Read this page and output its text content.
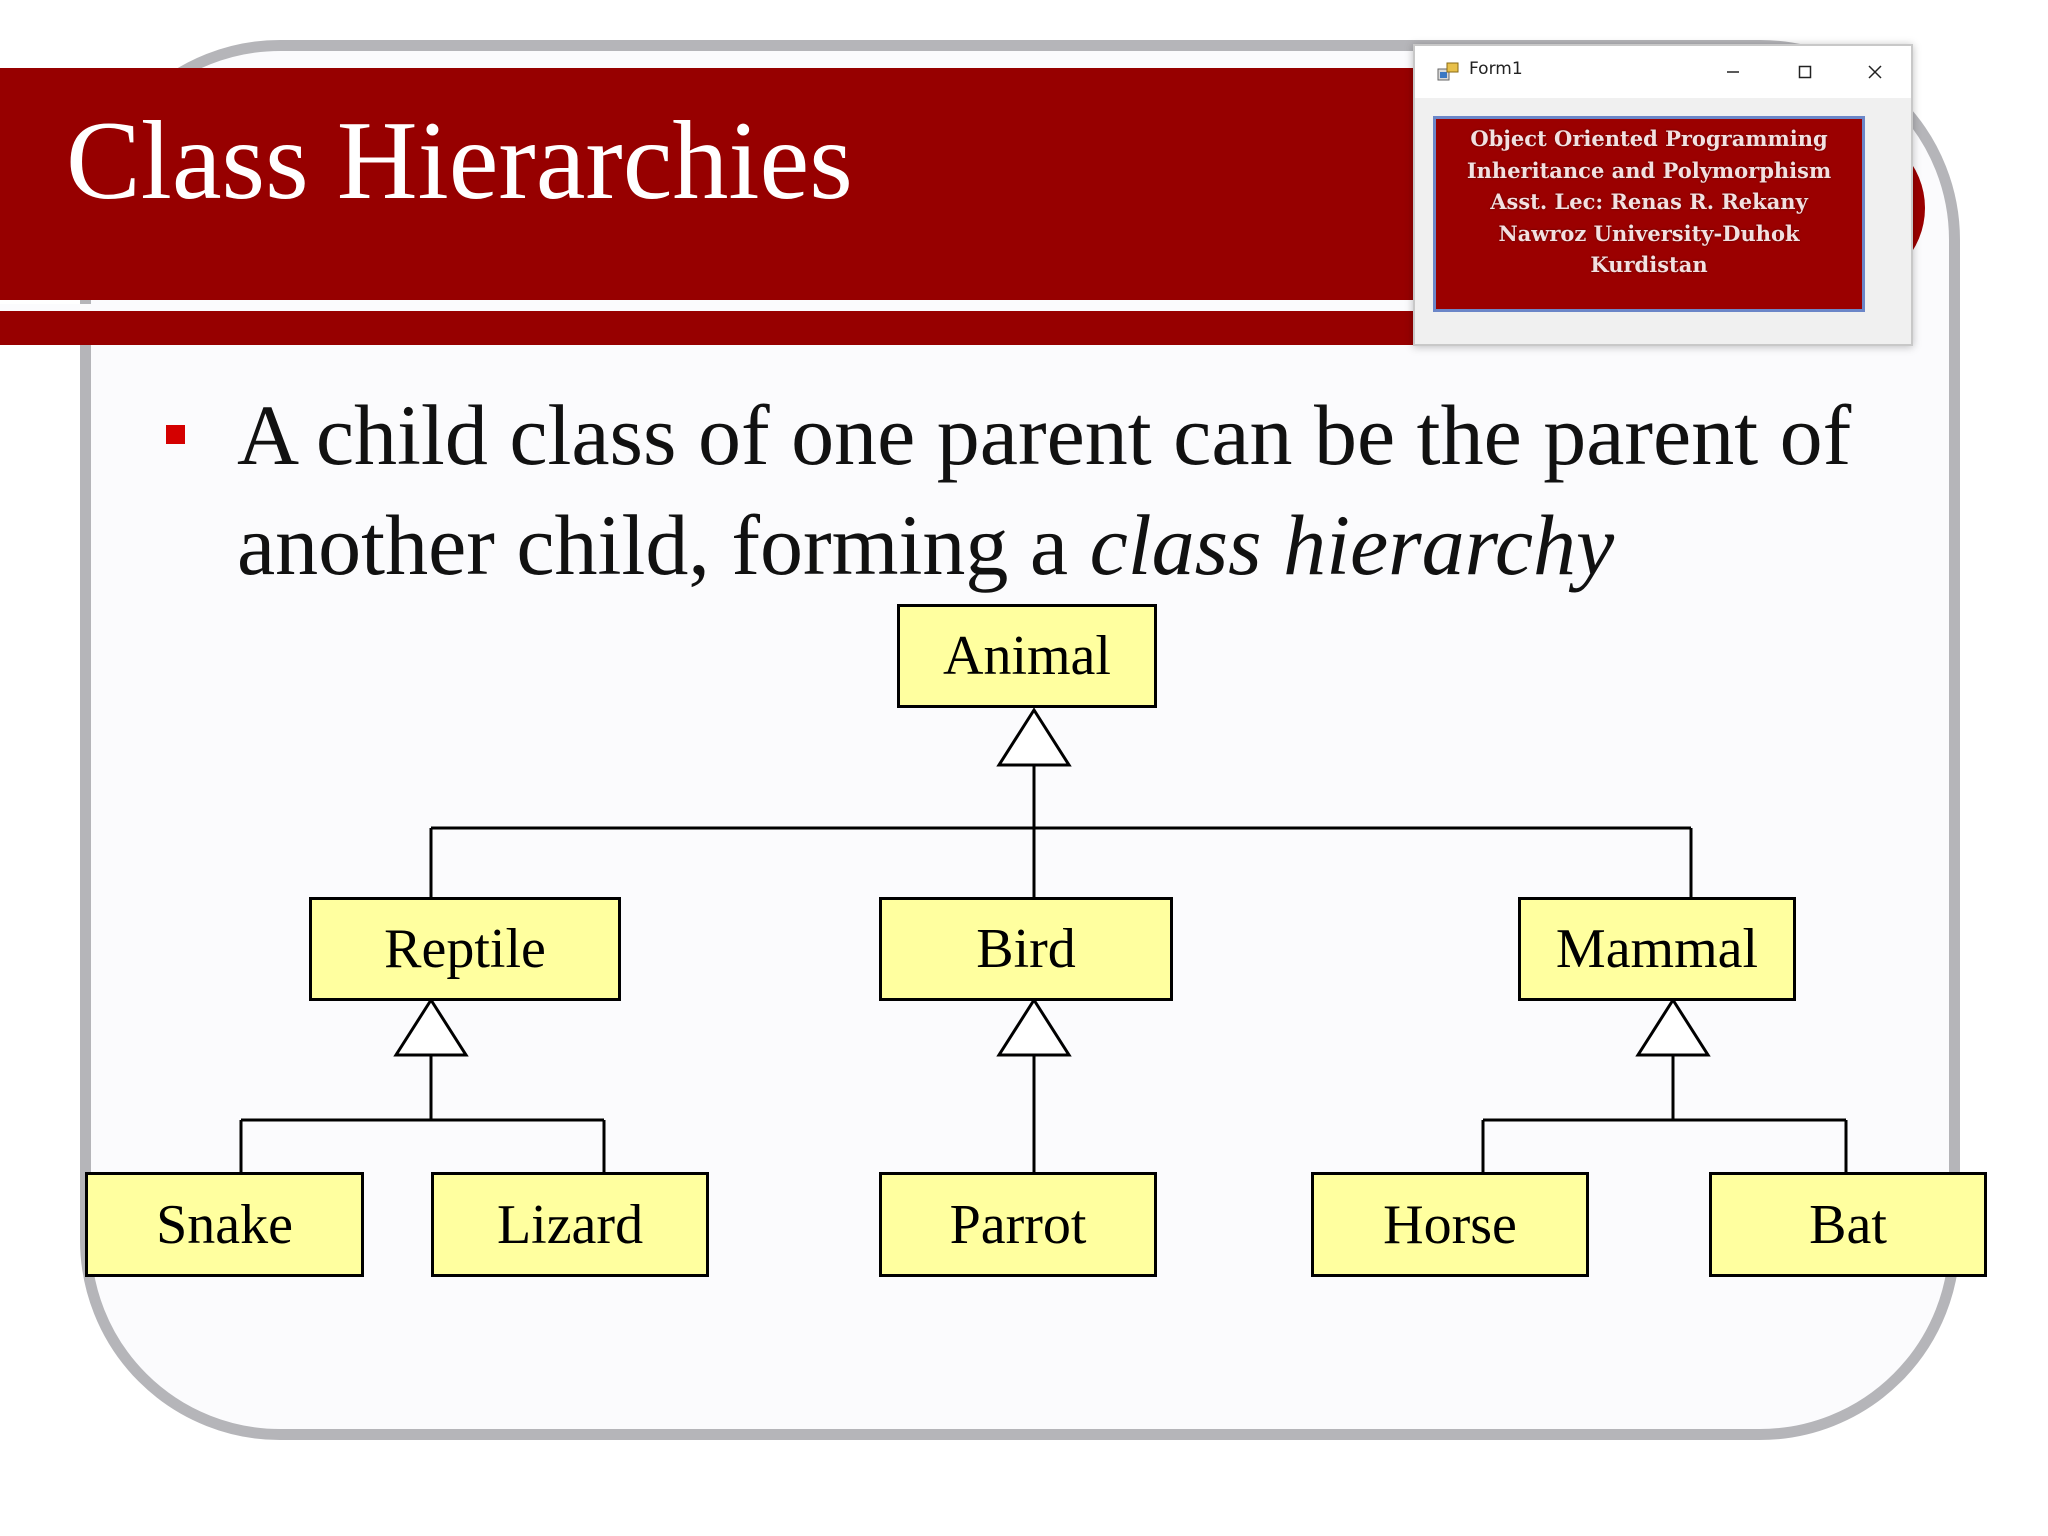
Class Hierarchies

A child class of one parent can be the parent of another child, forming a class hierarchy

Animal
Reptile	Bird	Mammal
Snake	Lizard	Parrot	Horse	Bat
Form1
Object Oriented Programming
Inheritance and Polymorphism
Asst. Lec: Renas R. Rekany
Nawroz University-Duhok
Kurdistan
